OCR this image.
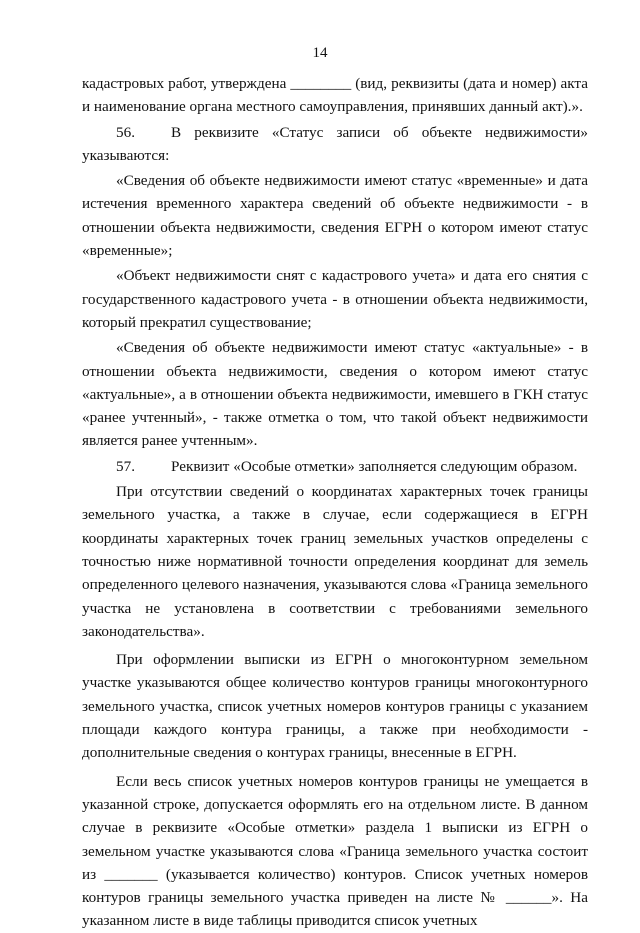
14

кадастровых работ, утверждена ________ (вид, реквизиты (дата и номер) акта и наименование органа местного самоуправления, принявших данный акт).».

56. В реквизите «Статус записи об объекте недвижимости» указываются:

«Сведения об объекте недвижимости имеют статус «временные» и дата истечения временного характера сведений об объекте недвижимости - в отношении объекта недвижимости, сведения ЕГРН о котором имеют статус «временные»;

«Объект недвижимости снят с кадастрового учета» и дата его снятия с государственного кадастрового учета - в отношении объекта недвижимости, который прекратил существование;

«Сведения об объекте недвижимости имеют статус «актуальные» - в отношении объекта недвижимости, сведения о котором имеют статус «актуальные», а в отношении объекта недвижимости, имевшего в ГКН статус «ранее учтенный», - также отметка о том, что такой объект недвижимости является ранее учтенным».

57. Реквизит «Особые отметки» заполняется следующим образом.

При отсутствии сведений о координатах характерных точек границы земельного участка, а также в случае, если содержащиеся в ЕГРН координаты характерных точек границ земельных участков определены с точностью ниже нормативной точности определения координат для земель определенного целевого назначения, указываются слова «Граница земельного участка не установлена в соответствии с требованиями земельного законодательства».

При оформлении выписки из ЕГРН о многоконтурном земельном участке указываются общее количество контуров границы многоконтурного земельного участка, список учетных номеров контуров границы с указанием площади каждого контура границы, а также при необходимости - дополнительные сведения о контурах границы, внесенные в ЕГРН.

Если весь список учетных номеров контуров границы не умещается в указанной строке, допускается оформлять его на отдельном листе. В данном случае в реквизите «Особые отметки» раздела 1 выписки из ЕГРН о земельном участке указываются слова «Граница земельного участка состоит из _______ (указывается количество) контуров. Список учетных номеров контуров границы земельного участка приведен на листе № ______». На указанном листе в виде таблицы приводится список учетных
